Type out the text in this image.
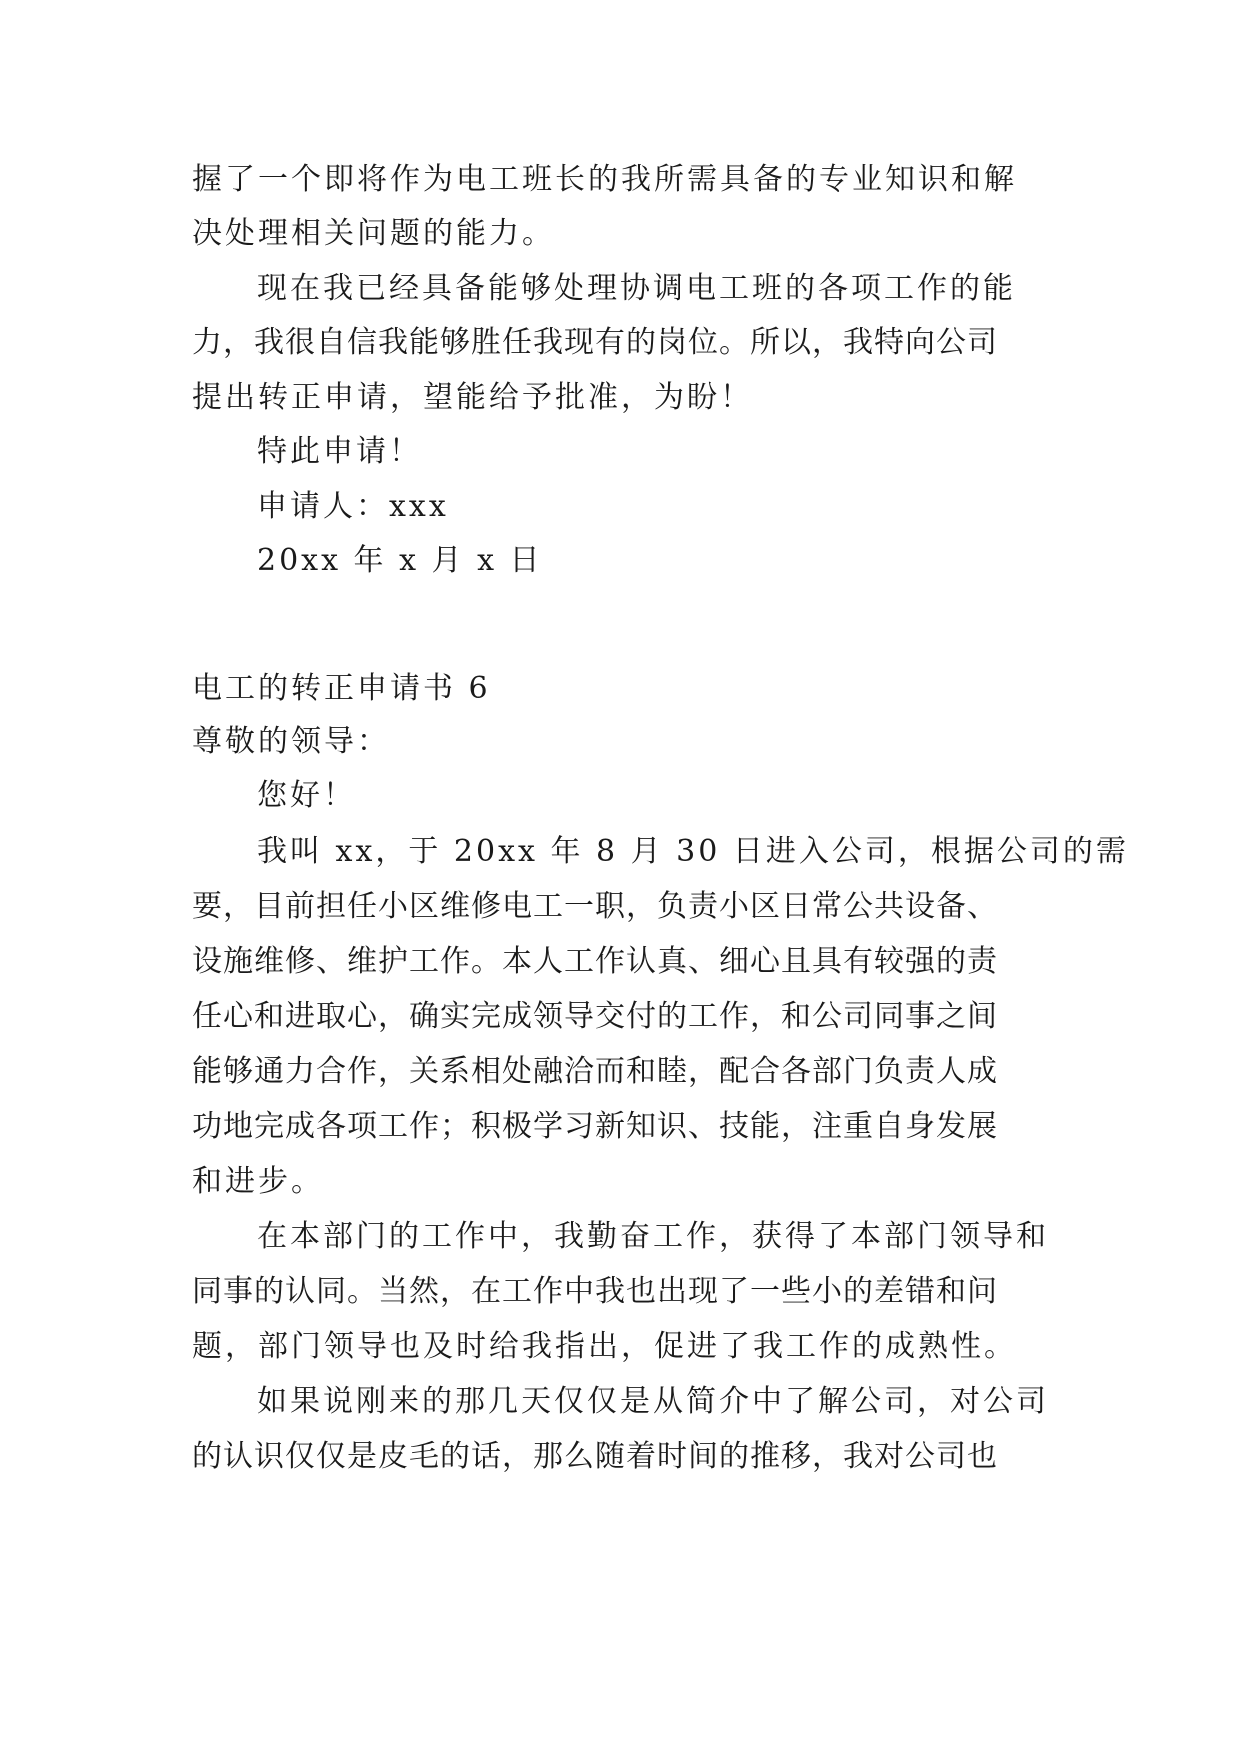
握了一个即将作为电工班长的我所需具备的专业知识和解
决处理相关问题的能力。
现在我已经具备能够处理协调电工班的各项工作的能
力，我很自信我能够胜任我现有的岗位。所以，我特向公司
提出转正申请，望能给予批准，为盼！
特此申请！
申请人：xxx
20xx 年 x 月 x 日
电工的转正申请书 6
尊敬的领导：
您好！
我叫 xx，于 20xx 年 8 月 30 日进入公司，根据公司的需
要，目前担任小区维修电工一职，负责小区日常公共设备、
设施维修、维护工作。本人工作认真、细心且具有较强的责
任心和进取心，确实完成领导交付的工作，和公司同事之间
能够通力合作，关系相处融洽而和睦，配合各部门负责人成
功地完成各项工作；积极学习新知识、技能，注重自身发展
和进步。
在本部门的工作中，我勤奋工作，获得了本部门领导和
同事的认同。当然，在工作中我也出现了一些小的差错和问
题，部门领导也及时给我指出，促进了我工作的成熟性。
如果说刚来的那几天仅仅是从简介中了解公司，对公司
的认识仅仅是皮毛的话，那么随着时间的推移，我对公司也
